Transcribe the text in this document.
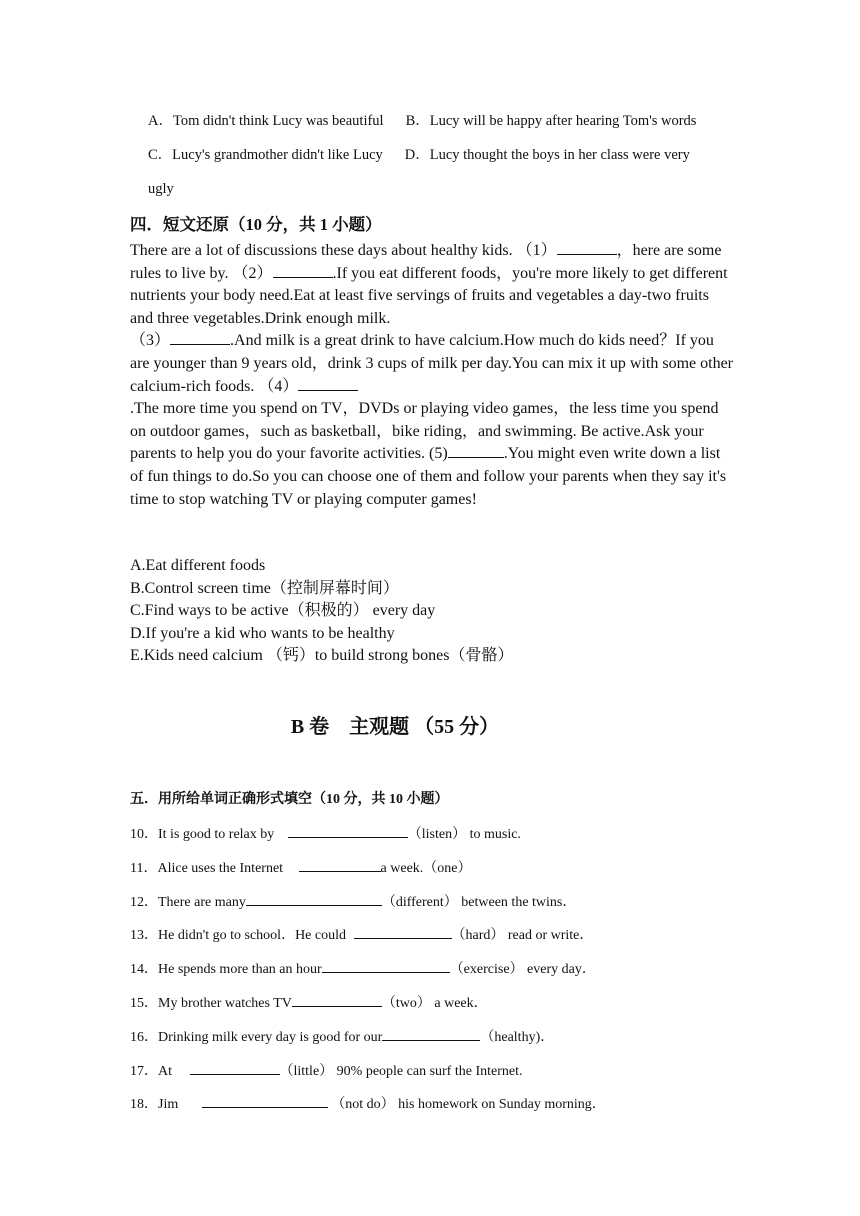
A．Tom didn't think Lucy was beautiful B．Lucy will be happy after hearing Tom's words
C．Lucy's grandmother didn't like Lucy D．Lucy thought the boys in her class were very
ugly
四．短文还原（10 分，共 1 小题）

There are a lot of discussions these days about healthy kids. （1）	，here are some rules to live by. （2）	.If you eat different foods，you're more likely to get different nutrients your body need.Eat at least five servings of fruits and vegetables a day-two fruits and three vegetables.Drink enough milk.

（3）	.And milk is a great drink to have calcium.How much do kids need？If you are younger than 9 years old，drink 3 cups of milk per day.You can mix it up with some other calcium-rich foods. （4）

.The more time you spend on TV，DVDs or playing video games，the less time you spend on outdoor games，such as basketball，bike riding，and swimming. Be active.Ask your parents to help you do your favorite activities. (5)	.You might even write down a list of fun things to do.So you can choose one of them and follow your parents when they say it's time to stop watching TV or playing computer games!

A.Eat different foods
B.Control screen time（控制屏幕时间）
C.Find ways to be active（积极的） every day
D.If you're a kid who wants to be healthy
E.Kids need calcium （钙）to build strong bones（骨骼）
B 卷　主观题 （55 分）
五．用所给单词正确形式填空（10 分，共 10 小题）
10．It is good to relax by	（listen） to music.
11．Alice uses the Internet	a week.（one）
12．There are many	（different） between the twins．
13．He didn't go to school．He could	（hard） read or write．
14．He spends more than an hour	（exercise） every day．
15．My brother watches TV	（two） a week．
16．Drinking milk every day is good for our	（healthy)．
17．At	（little） 90% people can surf the Internet.
18．Jim	（not do） his homework on Sunday morning．
